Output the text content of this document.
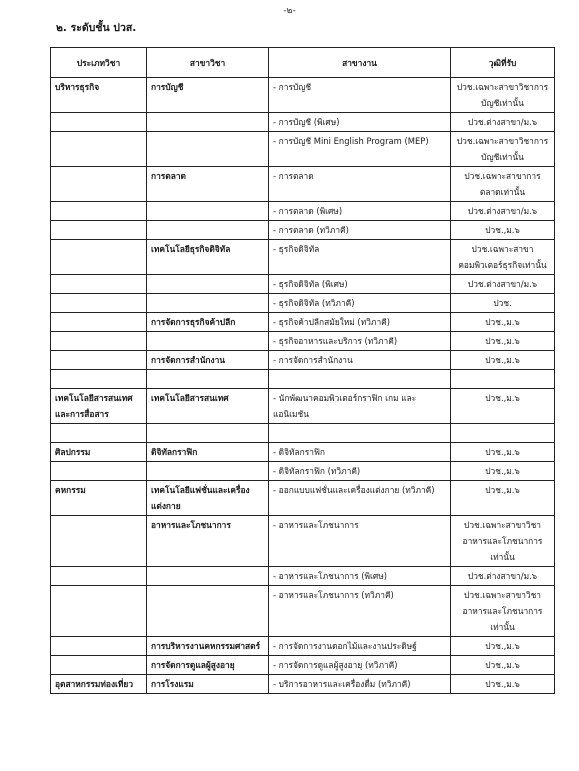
-๒-
๒. ระดับชั้น ปวส.
ประเภทวิชา	สาขาวิชา	สาขางาน	วุฒิที่รับ
บริหารธุรกิจ	การบัญชี	- การบัญชี	ปวช.เฉพาะสาขาวิชาการบัญชีเท่านั้น
		- การบัญชี (พิเศษ)	ปวช.ต่างสาขา/ม.๖
		- การบัญชี Mini English Program (MEP)	ปวช.เฉพาะสาขาวิชาการบัญชีเท่านั้น
	การตลาด	- การตลาด	ปวช.เฉพาะสาขาการตลาดเท่านั้น
		- การตลาด (พิเศษ)	ปวช.ต่างสาขา/ม.๖
		- การตลาด (ทวิภาคี)	ปวช.,ม.๖
	เทคโนโลยีธุรกิจดิจิทัล	- ธุรกิจดิจิทัล	ปวช.เฉพาะสาขาคอมพิวเตอร์ธุรกิจเท่านั้น
		- ธุรกิจดิจิทัล (พิเศษ)	ปวช.ต่างสาขา/ม.๖
		- ธุรกิจดิจิทัล (ทวิภาคี)	ปวช.
	การจัดการธุรกิจค้าปลีก	- ธุรกิจค้าปลีกสมัยใหม่ (ทวิภาคี)	ปวช.,ม.๖
		- ธุรกิจอาหารและบริการ (ทวิภาคี)	ปวช.,ม.๖
	การจัดการสำนักงาน	- การจัดการสำนักงาน	ปวช.,ม.๖

เทคโนโลยีสารสนเทศและการสื่อสาร	เทคโนโลยีสารสนเทศ	- นักพัฒนาคอมพิวเตอร์กราฟิก เกม และแอนิเมชัน	ปวช.,ม.๖

ศิลปกรรม	ดิจิทัลกราฟิก	- ดิจิทัลกราฟิก	ปวช.,ม.๖
		- ดิจิทัลกราฟิก (ทวิภาคี)	ปวช.,ม.๖
คหกรรม	เทคโนโลยีแฟชั่นและเครื่องแต่งกาย	- ออกแบบแฟชั่นและเครื่องแต่งกาย (ทวิภาคี)	ปวช.,ม.๖
	อาหารและโภชนาการ	- อาหารและโภชนาการ	ปวช.เฉพาะสาขาวิชาอาหารและโภชนาการเท่านั้น
		- อาหารและโภชนาการ (พิเศษ)	ปวช.ต่างสาขา/ม.๖
		- อาหารและโภชนาการ (ทวิภาคี)	ปวช.เฉพาะสาขาวิชาอาหารและโภชนาการเท่านั้น
	การบริหารงานคหกรรมศาสตร์	- การจัดการงานดอกไม้และงานประดิษฐ์	ปวช.,ม.๖
	การจัดการดูแลผู้สูงอายุ	- การจัดการดูแลผู้สูงอายุ (ทวิภาคี)	ปวช.,ม.๖
อุตสาหกรรมท่องเที่ยว	การโรงแรม	- บริการอาหารและเครื่องดื่ม (ทวิภาคี)	ปวช.,ม.๖
